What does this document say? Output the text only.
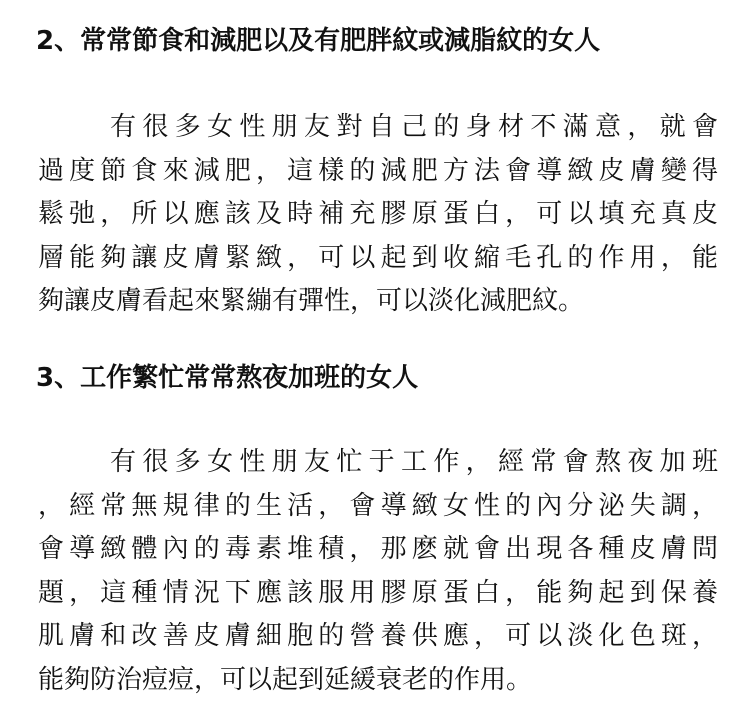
2、常常節食和減肥以及有肥胖紋或減脂紋的女人
有很多女性朋友對自己的身材不滿意，就會
過度節食來減肥，這樣的減肥方法會導緻皮膚變得
鬆弛，所以應該及時補充膠原蛋白，可以填充真皮
層能夠讓皮膚緊緻，可以起到收縮毛孔的作用，能
夠讓皮膚看起來緊繃有彈性，可以淡化減肥紋。
3、工作繁忙常常熬夜加班的女人
有很多女性朋友忙于工作，經常會熬夜加班
，經常無規律的生活，會導緻女性的內分泌失調，
會導緻體內的毒素堆積，那麽就會出現各種皮膚問
題，這種情況下應該服用膠原蛋白，能夠起到保養
肌膚和改善皮膚細胞的營養供應，可以淡化色斑，
能夠防治痘痘，可以起到延緩衰老的作用。
